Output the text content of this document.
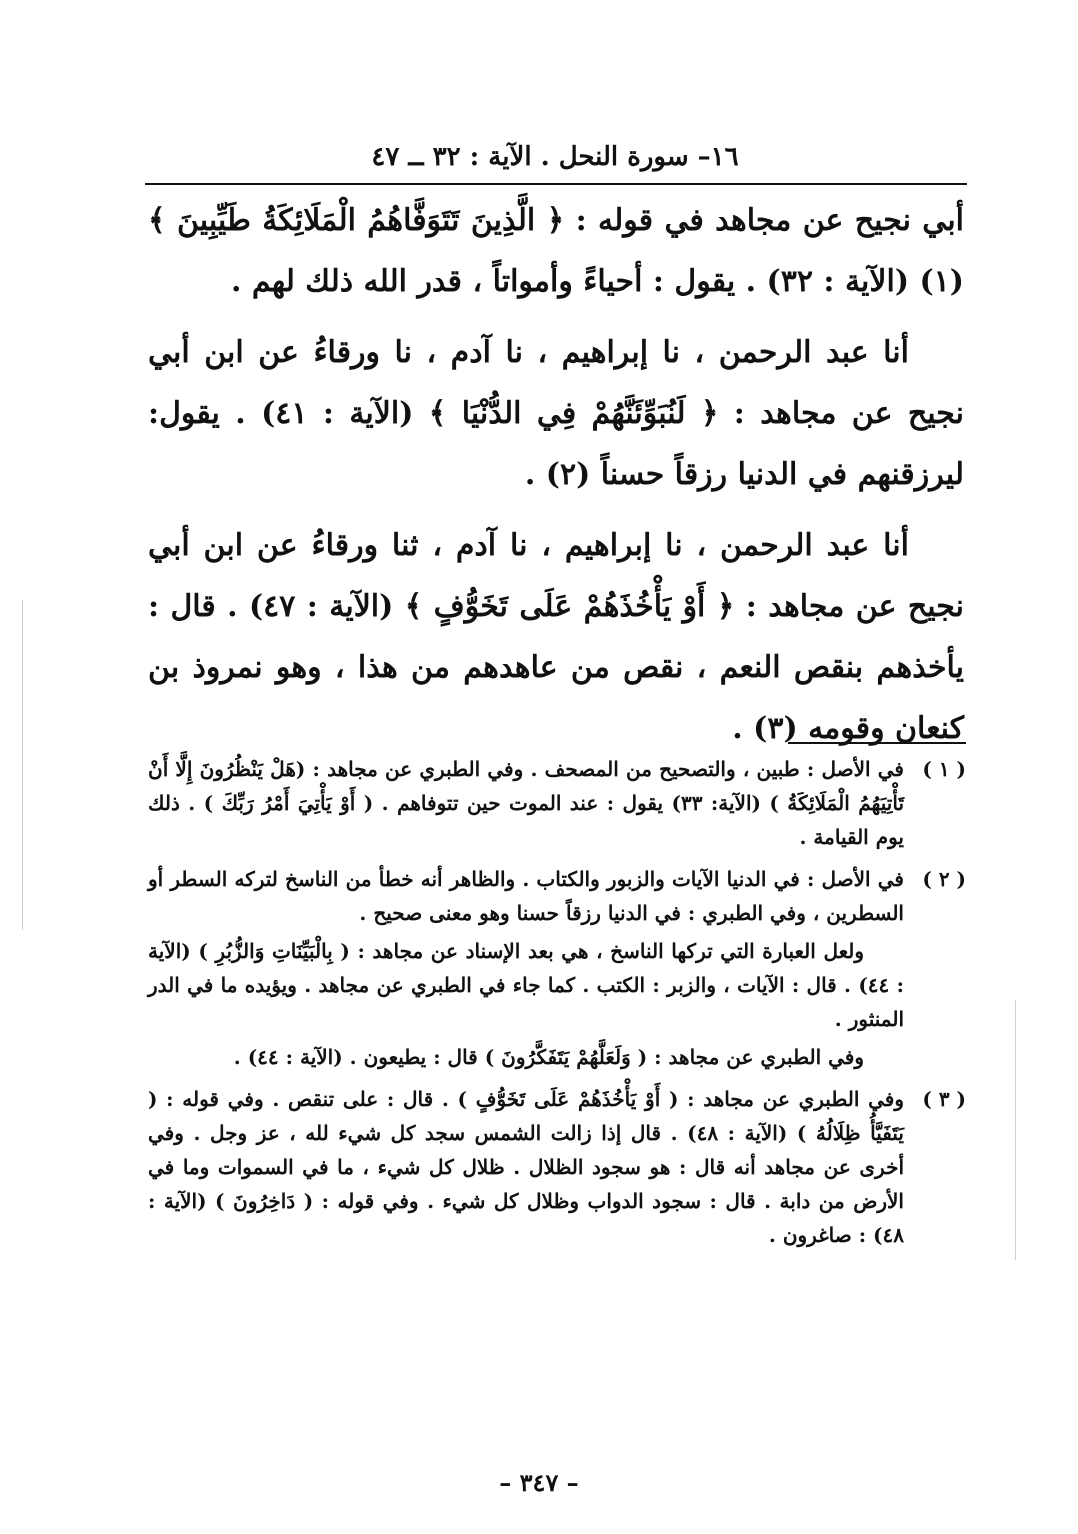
١٦– سورة النحل . الآية : ٣٢ ــ ٤٧

أبي نجيح عن مجاهد في قوله : ﴿ الَّذِينَ تَتَوَفَّاهُمُ الْمَلَائِكَةُ طَيِّبِينَ ﴾ (١) (الآية : ٣٢) . يقول : أحياءً وأمواتاً ، قدر الله ذلك لهم .

أنا عبد الرحمن ، نا إبراهيم ، نا آدم ، نا ورقاءُ عن ابن أبي نجيح عن مجاهد : ﴿ لَنُبَوِّئَنَّهُمْ فِي الدُّنْيَا ﴾ (الآية : ٤١) . يقول: ليرزقنهم في الدنيا رزقاً حسناً (٢) .

أنا عبد الرحمن ، نا إبراهيم ، نا آدم ، ثنا ورقاءُ عن ابن أبي نجيح عن مجاهد : ﴿ أَوْ يَأْخُذَهُمْ عَلَى تَخَوُّفٍ ﴾ (الآية : ٤٧) . قال : يأخذهم بنقص النعم ، نقص من عاهدهم من هذا ، وهو نمروذ بن كنعان وقومه (٣) .

( ١ )

في الأصل : طبين ، والتصحيح من المصحف . وفي الطبري عن مجاهد : (هَلْ يَنْظُرُونَ إِلَّا أَنْ تَأْتِيَهُمُ الْمَلَائِكَةُ ) (الآية: ٣٣) يقول : عند الموت حين تتوفاهم . ( أَوْ يَأْتِيَ أَمْرُ رَبِّكَ ) . ذلك يوم القيامة .

( ٢ )

في الأصل : في الدنيا الآيات والزبور والكتاب . والظاهر أنه خطأ من الناسخ لتركه السطر أو السطرين ، وفي الطبري : في الدنيا رزقاً حسنا وهو معنى صحيح .

ولعل العبارة التي تركها الناسخ ، هي بعد الإسناد عن مجاهد : ( بِالْبَيِّنَاتِ وَالزُّبُرِ ) (الآية : ٤٤) . قال : الآيات ، والزبر : الكتب . كما جاء في الطبري عن مجاهد . ويؤيده ما في الدر المنثور .

وفي الطبري عن مجاهد : ( وَلَعَلَّهُمْ يَتَفَكَّرُونَ ) قال : يطيعون . (الآية : ٤٤) .

( ٣ )

وفي الطبري عن مجاهد : ( أَوْ يَأْخُذَهُمْ عَلَى تَخَوُّفٍ ) . قال : على تنقص . وفي قوله : ( يَتَفَيَّأُ ظِلَالُهُ ) (الآية : ٤٨) . قال إذا زالت الشمس سجد كل شيء لله ، عز وجل . وفي أخرى عن مجاهد أنه قال : هو سجود الظلال . ظلال كل شيء ، ما في السموات وما في الأرض من دابة . قال : سجود الدواب وظلال كل شيء . وفي قوله : ( دَاخِرُونَ ) (الآية : ٤٨) : صاغرون .

– ٣٤٧ –
